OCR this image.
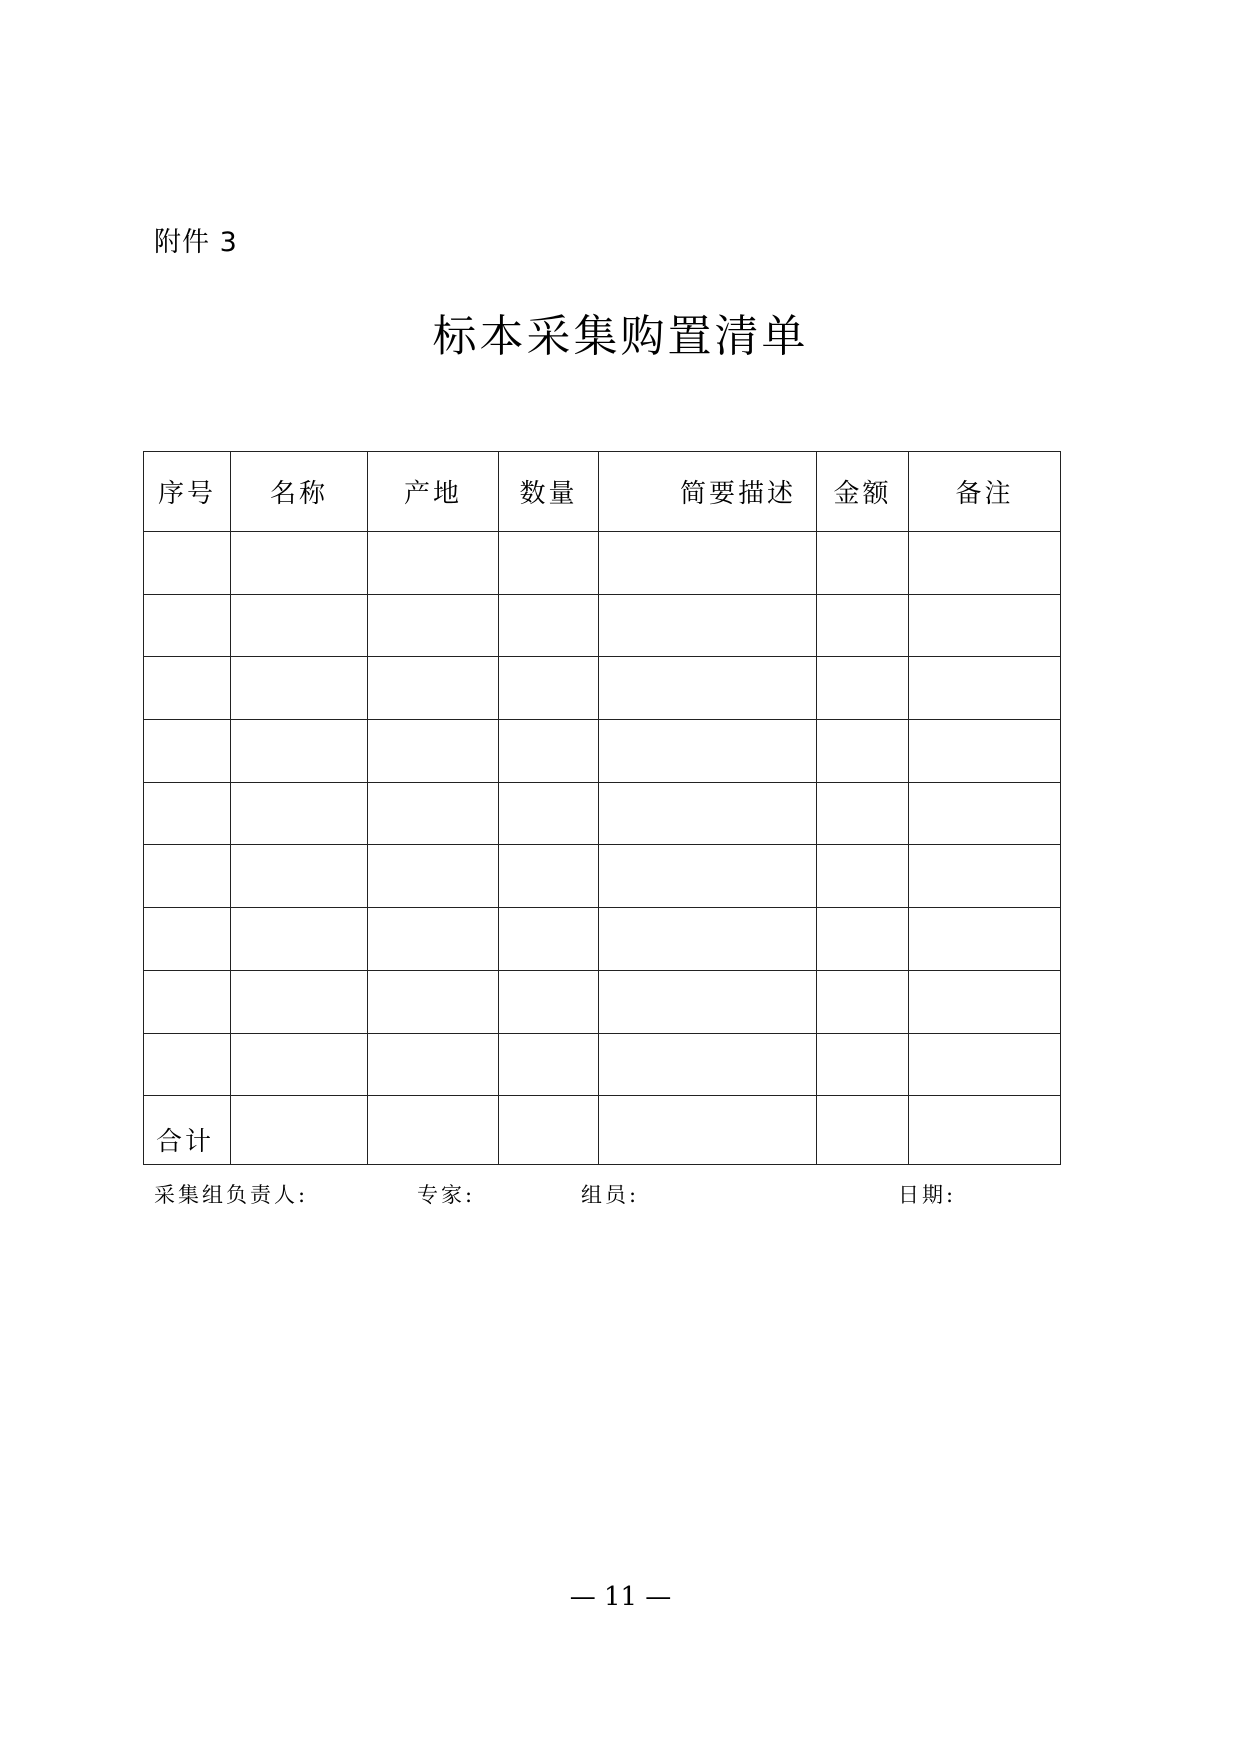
附件 3

标本采集购置清单
序号	名称	产地	数量	简要描述	金额	备注

合计						
采集组负责人:	专家:	组员:	日期:
— 11 —
